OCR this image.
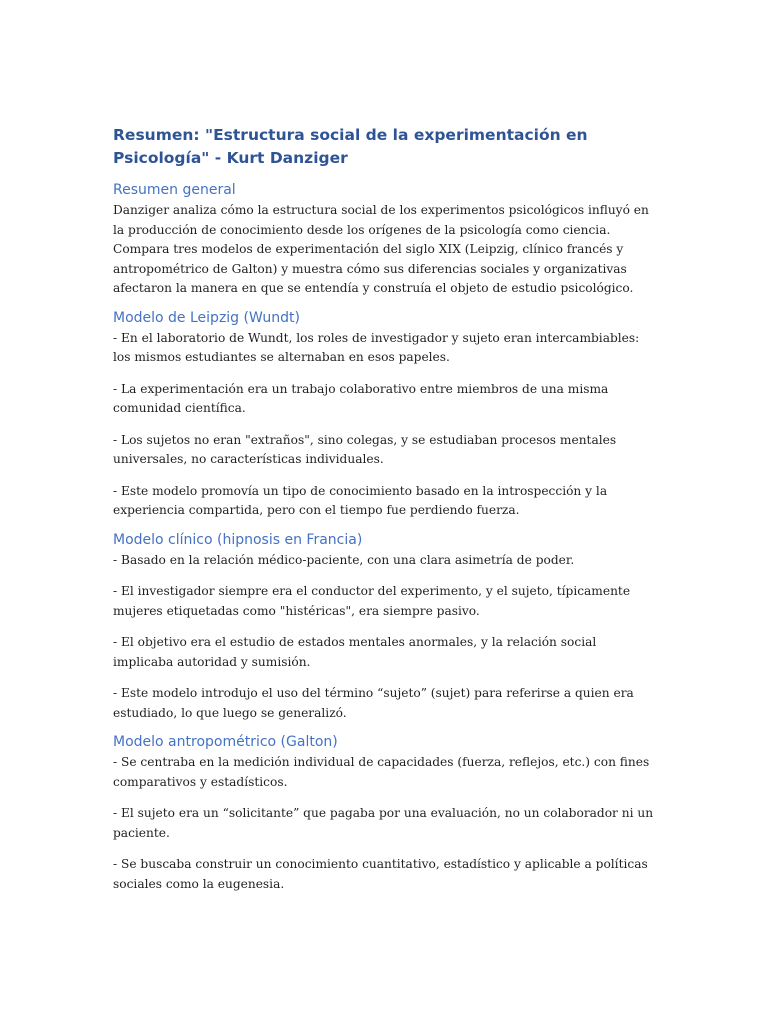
Resumen: "Estructura social de la experimentación en Psicología" - Kurt Danziger
Resumen general

Danziger analiza cómo la estructura social de los experimentos psicológicos influyó en la producción de conocimiento desde los orígenes de la psicología como ciencia. Compara tres modelos de experimentación del siglo XIX (Leipzig, clínico francés y antropométrico de Galton) y muestra cómo sus diferencias sociales y organizativas afectaron la manera en que se entendía y construía el objeto de estudio psicológico.

Modelo de Leipzig (Wundt)

- En el laboratorio de Wundt, los roles de investigador y sujeto eran intercambiables: los mismos estudiantes se alternaban en esos papeles.

- La experimentación era un trabajo colaborativo entre miembros de una misma comunidad científica.

- Los sujetos no eran "extraños", sino colegas, y se estudiaban procesos mentales universales, no características individuales.

- Este modelo promovía un tipo de conocimiento basado en la introspección y la experiencia compartida, pero con el tiempo fue perdiendo fuerza.

Modelo clínico (hipnosis en Francia)

- Basado en la relación médico-paciente, con una clara asimetría de poder.

- El investigador siempre era el conductor del experimento, y el sujeto, típicamente mujeres etiquetadas como "histéricas", era siempre pasivo.

- El objetivo era el estudio de estados mentales anormales, y la relación social implicaba autoridad y sumisión.

- Este modelo introdujo el uso del término “sujeto” (sujet) para referirse a quien era estudiado, lo que luego se generalizó.

Modelo antropométrico (Galton)

- Se centraba en la medición individual de capacidades (fuerza, reflejos, etc.) con fines comparativos y estadísticos.

- El sujeto era un “solicitante” que pagaba por una evaluación, no un colaborador ni un paciente.

- Se buscaba construir un conocimiento cuantitativo, estadístico y aplicable a políticas sociales como la eugenesia.
